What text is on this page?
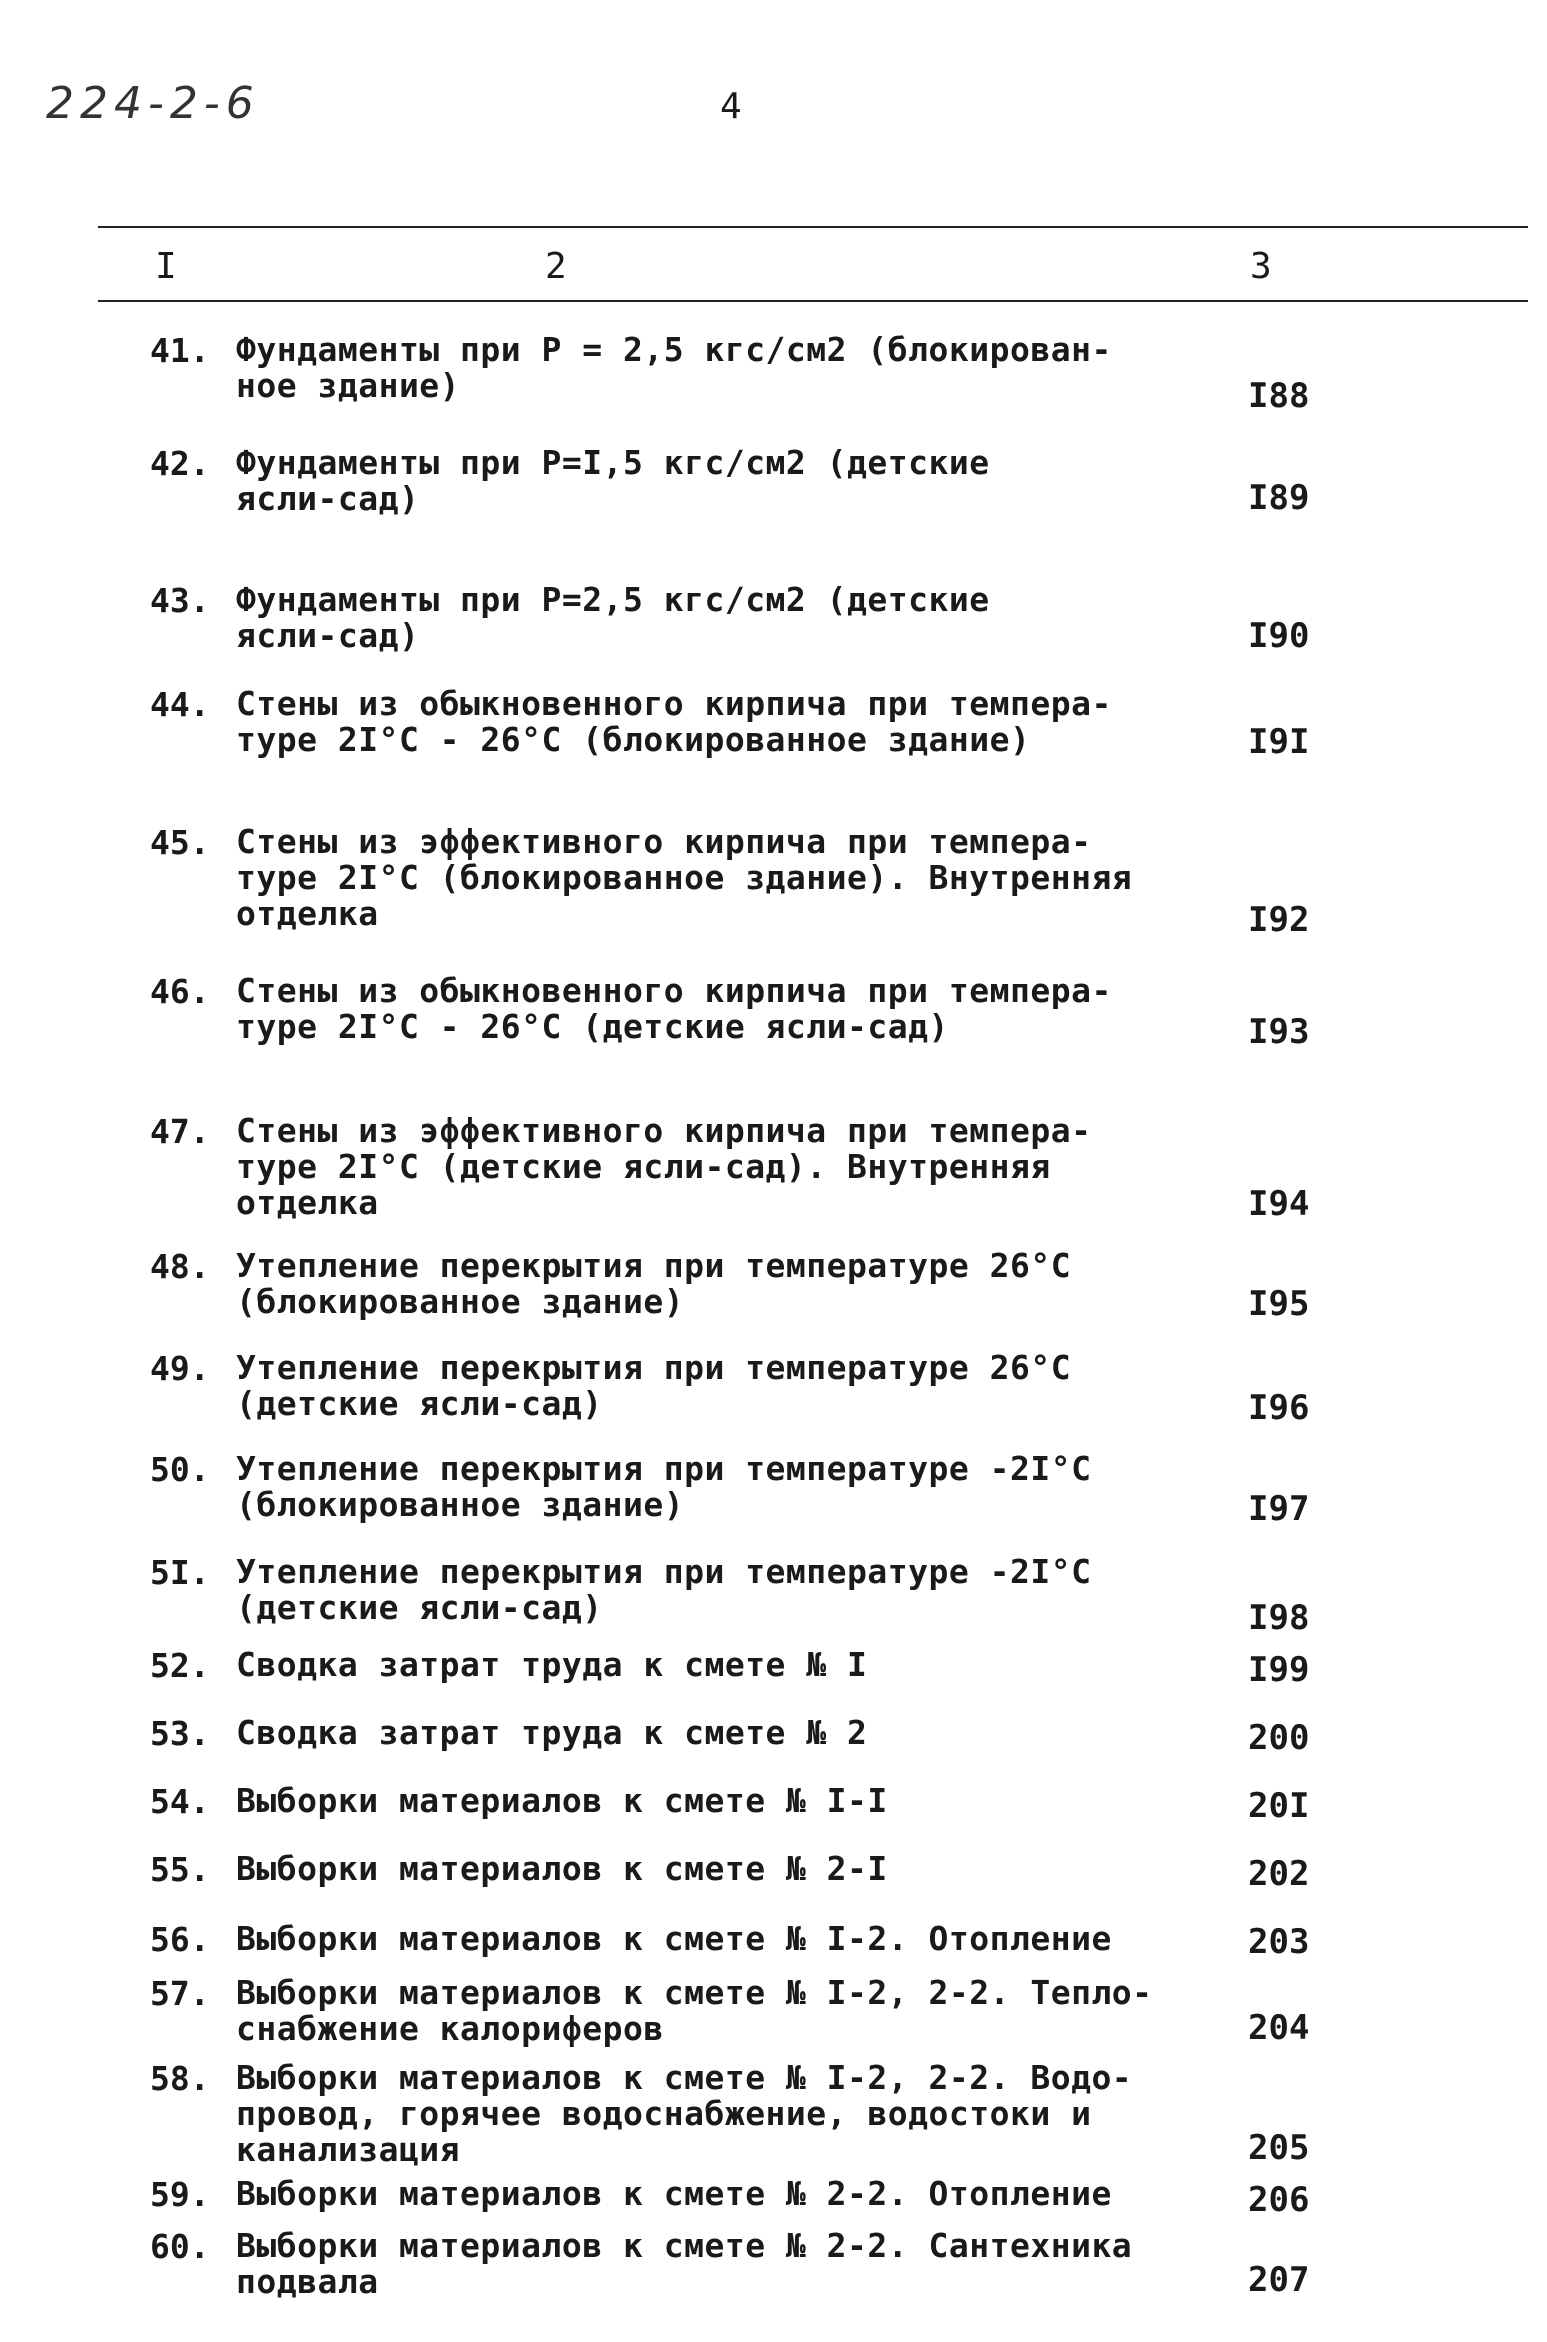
224-2-6	4
I	2	3
41. Фундаменты при P = 2,5 кгс/см2 (блокирован-
ное здание)	I88
42. Фундаменты при P=I,5 кгс/см2 (детские
ясли-сад)	I89
43. Фундаменты при P=2,5 кгс/см2 (детские
ясли-сад)	I90
44. Стены из обыкновенного кирпича при темпера-
туре 2I°C - 26°C (блокированное здание)	I9I
45. Стены из эффективного кирпича при темпера-
туре 2I°C (блокированное здание). Внутренняя
отделка	I92
46. Стены из обыкновенного кирпича при темпера-
туре 2I°C - 26°C (детские ясли-сад)	I93
47. Стены из эффективного кирпича при темпера-
туре 2I°C (детские ясли-сад). Внутренняя
отделка	I94
48. Утепление перекрытия при температуре 26°C
(блокированное здание)	I95
49. Утепление перекрытия при температуре 26°C
(детские ясли-сад)	I96
50. Утепление перекрытия при температуре -2I°C
(блокированное здание)	I97
5I. Утепление перекрытия при температуре -2I°C
(детские ясли-сад)	I98
52. Сводка затрат труда к смете № I	I99
53. Сводка затрат труда к смете № 2	200
54. Выборки материалов к смете № I-I	20I
55. Выборки материалов к смете № 2-I	202
56. Выборки материалов к смете № I-2. Отопление	203
57. Выборки материалов к смете № I-2, 2-2. Тепло-
снабжение калориферов	204
58. Выборки материалов к смете № I-2, 2-2. Водо-
провод, горячее водоснабжение, водостоки и
канализация	205
59. Выборки материалов к смете № 2-2. Отопление	206
60. Выборки материалов к смете № 2-2. Сантехника
подвала	207
